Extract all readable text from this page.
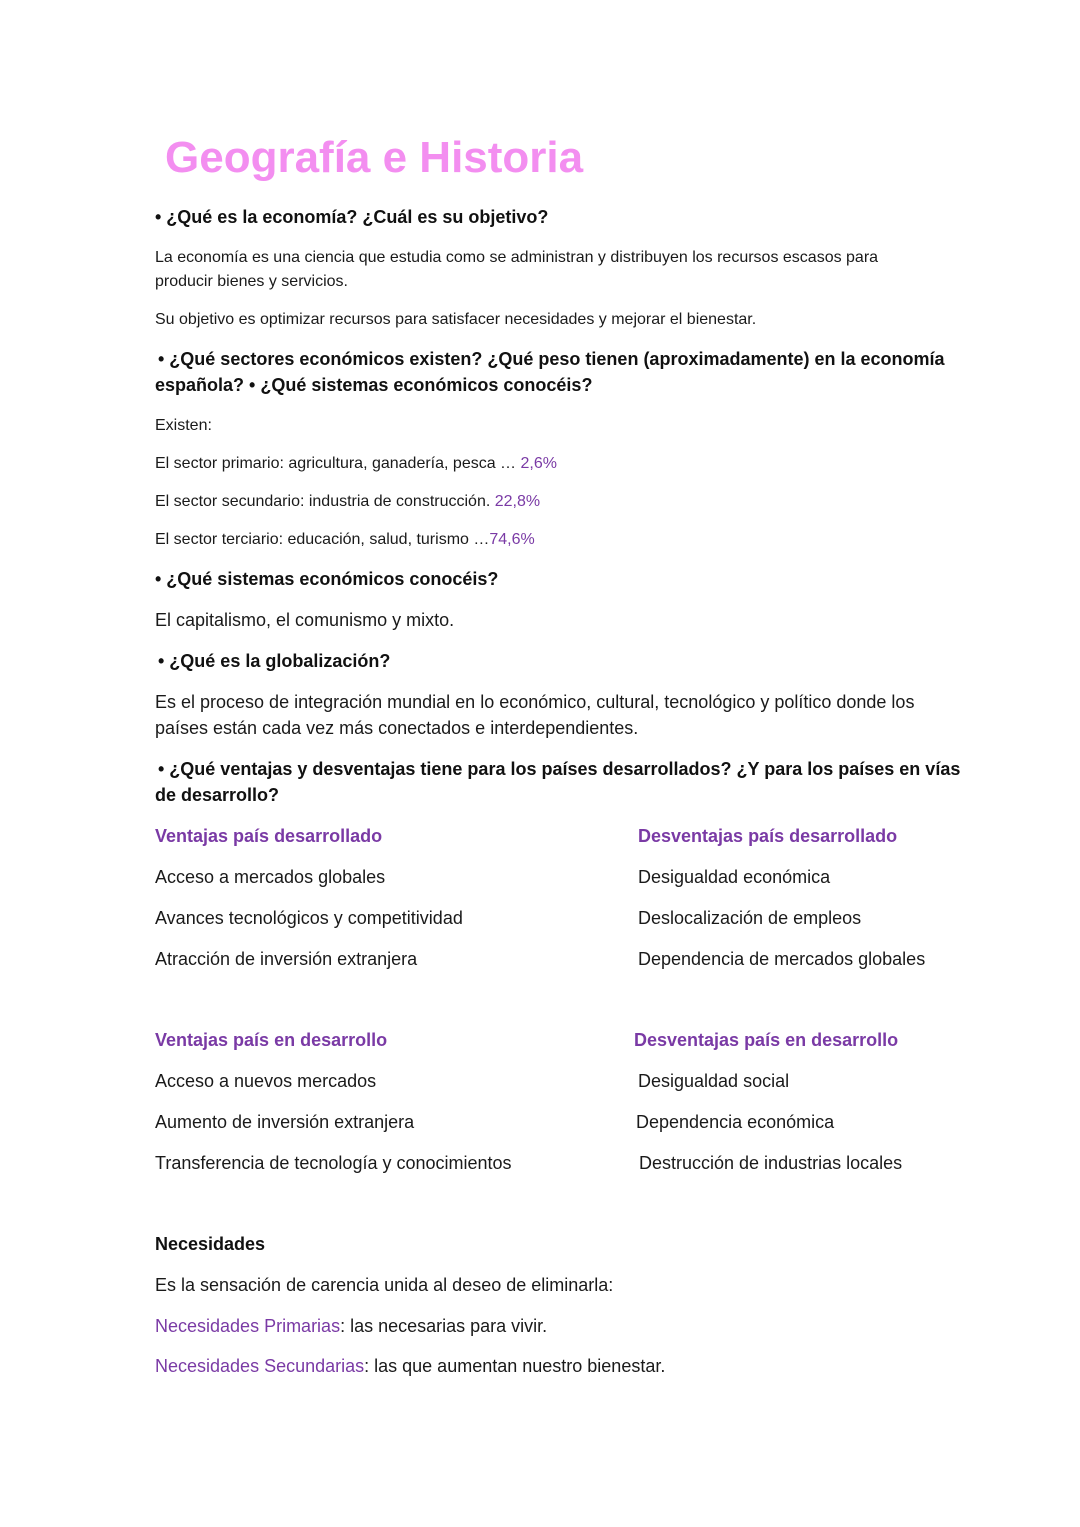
Geografía e Historia
• ¿Qué es la economía? ¿Cuál es su objetivo?
La economía es una ciencia que estudia como se administran y distribuyen los recursos escasos para
producir bienes y servicios.
Su objetivo es optimizar recursos para satisfacer necesidades y mejorar el bienestar.
• ¿Qué sectores económicos existen? ¿Qué peso tienen (aproximadamente) en la economía
española? • ¿Qué sistemas económicos conocéis?
Existen:
El sector primario: agricultura, ganadería, pesca … 2,6%
El sector secundario: industria de construcción. 22,8%
El sector terciario: educación, salud, turismo …74,6%
• ¿Qué sistemas económicos conocéis?
El capitalismo, el comunismo y mixto.
• ¿Qué es la globalización?
Es el proceso de integración mundial en lo económico, cultural, tecnológico y político donde los
países están cada vez más conectados e interdependientes.
• ¿Qué ventajas y desventajas tiene para los países desarrollados? ¿Y para los países en vías
de desarrollo?
Ventajas país desarrollado	Desventajas país desarrollado
Acceso a mercados globales
Avances tecnológicos y competitividad
Atracción de inversión extranjera
Desigualdad económica
Deslocalización de empleos
Dependencia de mercados globales
Ventajas país en desarrollo	Desventajas país en desarrollo
Acceso a nuevos mercados
Aumento de inversión extranjera
Transferencia de tecnología y conocimientos
Desigualdad social
Dependencia económica
Destrucción de industrias locales
Necesidades
Es la sensación de carencia unida al deseo de eliminarla:
Necesidades Primarias: las necesarias para vivir.
Necesidades Secundarias: las que aumentan nuestro bienestar.
